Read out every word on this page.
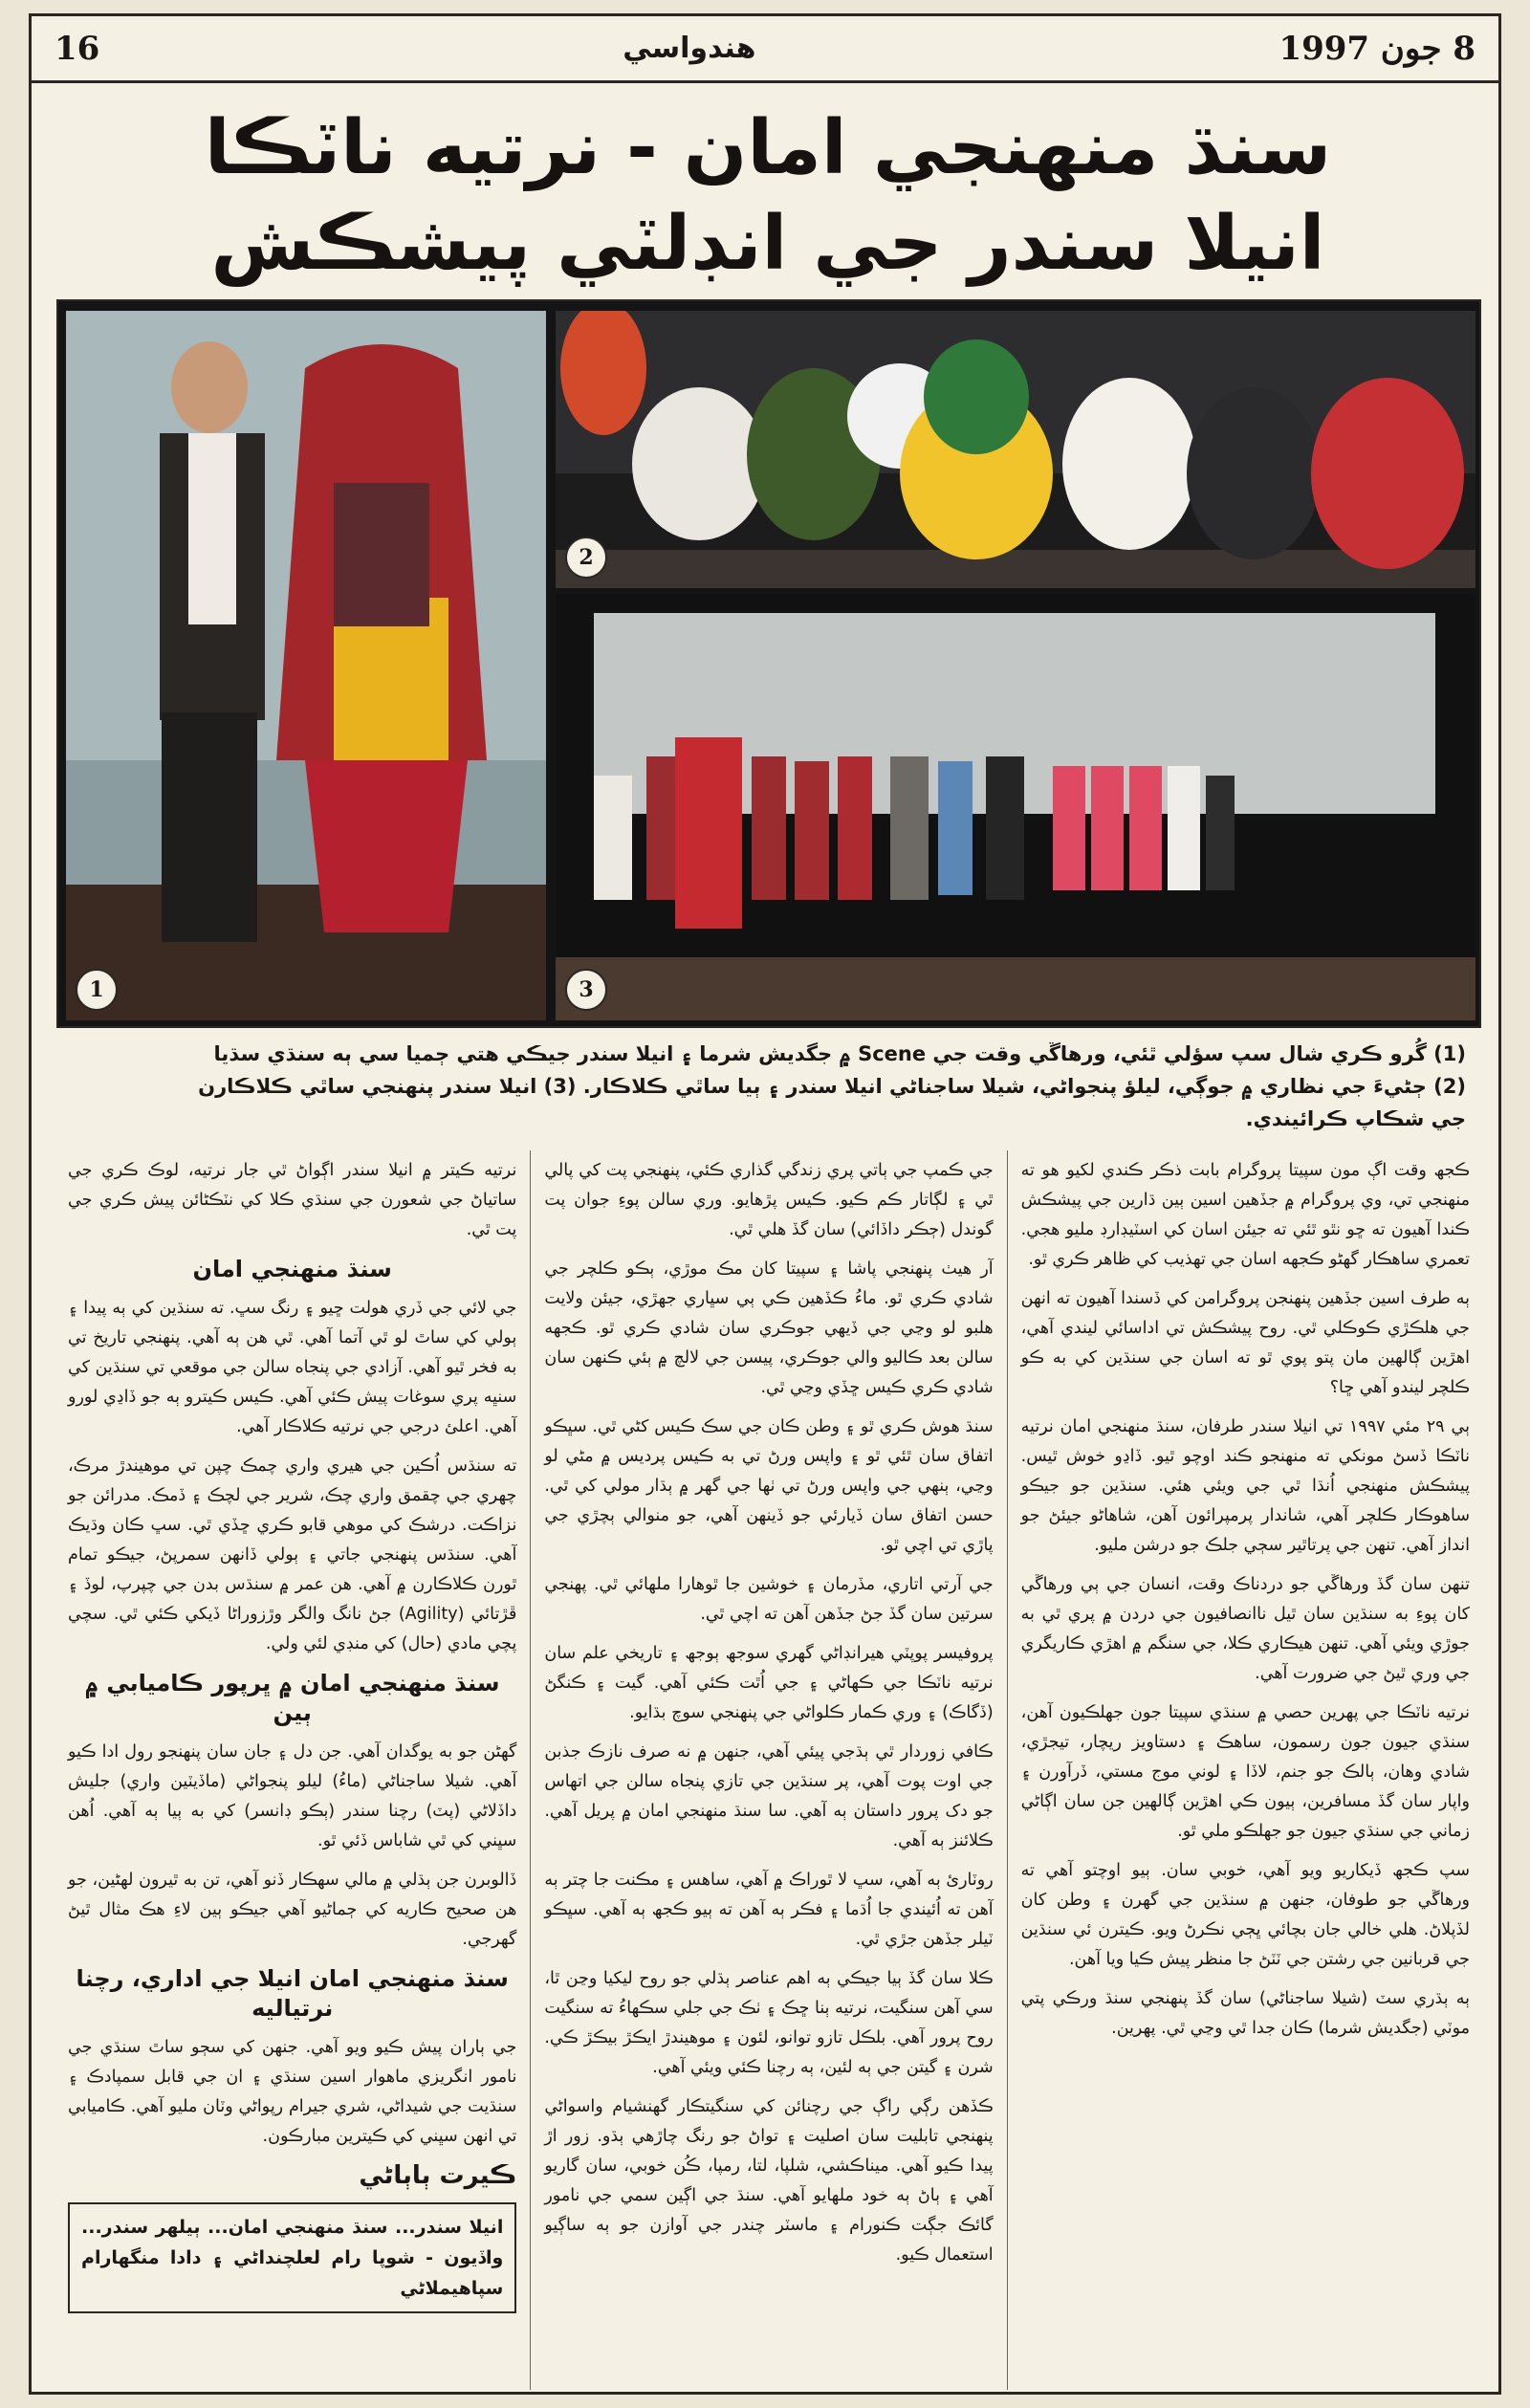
16	هندواسي	8 جون 1997
سنڌ منهنجي امان - نرتيه ناٽڪا
انيلا سندر جي انڊلٽي پيشڪش
1
2
3
(1) گُرو ڪري شال سپ سؤلي ٿئي، ورهاڱي وقت جي Scene ۾ جگديش شرما ۽ انيلا سندر جيڪي هتي ڄميا سي ٻه سنڌي سڌيا
(2) ڄڻيءَ جي نظاري ۾ جوڳي، ليلؤ پنجواڻي، شيلا ساجناڻي انيلا سندر ۽ ٻيا ساٿي ڪلاڪار. (3) انيلا سندر پنهنجي ساٿي ڪلاڪارن
جي شڪاپ ڪرائيندي.

ڪجھ وقت اڳ مون سپيتا پروگرام بابت ذڪر ڪندي لکيو هو ته منهنجي تي، وي پروگرام ۾ جڏهين اسين ٻين ڌارين جي پيشڪش ڪندا آهيون ته ڇو نٿو ٿئي ته جيئن اسان کي اسٽيڊارڊ مليو هجي. تعمري ساهڪار گهڻو ڪجهه اسان جي تهذيب کي ظاهر ڪري ٿو.

ٻه طرف اسين جڏهين پنهنجن پروگرامن کي ڏسندا آهيون ته انهن جي هلڪڙي ڪوڪلي ٿي. روح پيشڪش تي اداسائي ليندي آهي، اهڙين ڳالهين مان پتو پوي ٿو ته اسان جي سنڌين کي به ڪو ڪلچر ليندو آهي ڇا؟

ٻي ٢٩ مئي ١٩٩٧ تي انيلا سندر طرفان، سنڌ منهنجي امان نرتيه ناٽڪا ڏسڻ مونکي ته منهنجو ڪند اوچو ٿيو. ڏاڍو خوش ٿيس. پيشڪش منهنجي اُنڌا ٿي جي ويئي هئي. سنڌين جو جيڪو ساهوڪار ڪلچر آهي، شاندار پرمپرائون آهن، شاهاڻو جيئڻ جو انداز آهي. تنهن جي پرتاٿير سڄي جلڪ جو درشن مليو.

تنهن سان گڏ ورهاڱي جو دردناڪ وقت، انسان جي ٻي ورهاڱي کان پوءِ به سنڌين سان ٿيل ناانصافيون جي دردن ۾ پري ٿي به جوڙي ويئي آهي. تنهن هيڪاري ڪلا، جي سنگم ۾ اهڙي ڪاريگري جي وري ٿيڻ جي ضرورت آهي.

نرتيه ناٽڪا جي پهرين حصي ۾ سنڌي سپيتا جون جهلڪيون آهن، سنڌي جيون جون رسمون، ساهڪ ۽ دستاويز ريچار، تيجڙي، شادي وهان، ٻالڪ جو جنم، لاڏا ۽ لوني موج مستي، ڏرآورن ۽ واپار سان گڏ مسافرين، ٻيون ڪي اهڙين ڳالهين جن سان اڳاڻي زماني جي سنڌي جيون جو جهلڪو ملي ٿو.

سپ ڪجھ ڏيکاريو ويو آهي، خوبي سان. ٻيو اوچتو آهي ته ورهاڱي جو طوفان، جنهن ۾ سنڌين جي گهرن ۽ وطن کان لڏپلاڻ. هلي خالي جان بچائي ڀڄي نڪرڻ ويو. ڪيترن ئي سنڌين جي قربانين جي رشتن جي ٽٽڻ جا منظر پيش ڪيا ويا آهن.

ٻه ٻڌري سٽ (شيلا ساجناڻي) سان گڏ پنهنجي سنڌ ورڪي پتي موٽي (جگديش شرما) ڪان جدا ٿي وڃي ٿي. پهرين.

جي ڪمپ جي ٻاتي پري زندگي گذاري ڪئي، پنهنجي پت کي پالي ٿي ۽ لڳاتار ڪم ڪيو. ڪيس پڙهايو. وري سالن پوءِ جوان پت گوندل (ڄڪر داڏائي) سان گڏ هلي ٿي.

آر هيٺ پنهنجي پاشا ۽ سپيتا کان مڪ موڙي، ٻڪو ڪلچر جي شادي ڪري ٿو. ماءُ ڪڏهين ڪي ٻي سڀاري جهڙي، جيئن ولايت هلبو لو وڃي جي ڏيهي جوڪري سان شادي ڪري ٿو. ڪجهه سالن بعد ڪاليو والي جوڪري، پيسن جي لالچ ۾ ٻئي ڪنهن سان شادي ڪري ڪيس ڇڏي وڃي ٿي.

سنڌ هوش ڪري ٿو ۽ وطن ڪان جي سڪ ڪيس کڻي ٿي. سڀڪو اتفاق سان ٿئي ٿو ۽ واپس ورڻ تي به ڪيس پرديس ۾ مڻي لو وڃي، ٻنهي جي واپس ورڻ تي ٺها جي گهر ۾ ٻڌار مولي کي ٿي. حسن اتفاق سان ڏيارئي جو ڏينهن آهي، جو منوالي ٻچڙي جي پاڙي تي اچي ٿو.

جي آرتي اتاري، مڏرمان ۽ خوشين جا ٿوهارا ملهائي ٿي. پهنجي سرتين سان گڏ جڻ جڏهن آهن ته اچي ٿي.

پروفيسر پوپٽي هيرانڊاڻي گهري سوجھ ٻوجھ ۽ تاريخي علم سان نرتيه ناٽڪا جي ڪهاڻي ۽ جي اُٿت ڪئي آهي. گيت ۽ ڪنگڻ (ڏگاڪ) ۽ وري ڪمار ڪلواڻي جي پنهنجي سوچ بڌايو.

ڪافي زوردار ٿي ٻڌجي پيئي آهي، جنهن ۾ نه صرف نازڪ جذبن جي اوت پوت آهي، پر سنڌين جي تازي پنجاه سالن جي اتهاس جو دک پرور داستان ٻه آهي. سا سنڌ منهنجي امان ۾ پريل آهي. ڪلائنز ٻه آهي.

روٽارئ ٻه آهي، سڀ لا ٿوراڪ ۾ آهي، ساهس ۽ مڪنت جا چتر ٻه آهن ته اُئيندي جا اُڌما ۽ فڪر ٻه آهن ته ٻيو ڪجھ ٻه آهي. سڀڪو ٽيلر جڏهن جڙي ٿي.

ڪلا سان گڏ ٻيا جيڪي ٻه اهم عناصر ٻڌلي جو روح ليکيا وڃن ٿا، سي آهن سنگيت، نرتيه ٻنا ڇڪ ۽ ٺڪ جي جلي سڪهاءُ ته سنگيت روح پرور آهي. بلڪل تازو توانو، لئون ۽ موهيندڙ ايڪڙ بيڪڙ ڪي. شرن ۽ گيتن جي ٻه لئين، ٻه رچنا ڪئي ويئي آهي.

ڪڏهن رڳي راڳ جي رچنائن کي سنگيتڪار گهنشيام واسواڻي پنهنجي تابليت سان اصليت ۽ تواڻ جو رنگ چاڙهي ٻڌو. زور اڙ پيدا ڪيو آهي. ميناڪشي، شلپا، لتا، رمپا، ڪُن خوبي، سان گاريو آهي ۽ ٻاڻ ٻه خود ملهايو آهي. سنڌ جي اڳين سمي جي نامور گائڪ جڳت ڪنورام ۽ ماسٽر چندر جي آوازن جو ٻه ساڳيو استعمال ڪيو.

نرتيه ڪيتر ۾ انيلا سندر اڳواڻ ٿي جار نرتيه، لوڪ ڪري جي ساتياڻ جي شعورن جي سنڌي ڪلا کي نٽڪڻائن پيش ڪري جي پت ٿي.

سنڌ منهنجي امان

جي لائي جي ڏري هولت ڇيو ۽ رنگ سڀ. ته سنڌين کي ٻه پيدا ۽ ٻولي کي ساٿ لو ٿي آتما آهي. ٿي هن ٻه آهي. پنهنجي تاريخ تي به فخر ٿيو آهي. آزادي جي پنجاه سالن جي موقعي تي سنڌين کي سنڀه پري سوغات پيش ڪئي آهي. ڪيس ڪيترو ٻه جو ڏاڍي لورو آهي. اعلئ درجي جي نرتيه ڪلاڪار آهي.

ته سنڌس اُڪين جي هيري واري چمڪ چپن تي موهيندڙ مرڪ، چهري جي چقمق واري چڪ، شرير جي لچڪ ۽ ڏمڪ. مدرائن جو نزاڪت. درشڪ کي موهي قابو ڪري ڇڏي ٿي. سڀ ڪان وڌيڪ آهي. سنڌس پنهنجي جاتي ۽ ٻولي ڏانهن سمرپڻ، جيڪو تمام ٿورن ڪلاڪارن ۾ آهي. هن عمر ۾ سنڌس بدن جي چپرپ، لوڏ ۽ ڦڙتائي (Agility) جڻ نانگ والگر وڙزوراڻا ڏيکي ڪئي ٿي. سچي پچي مادي (حال) کي منڊي لئي ولي.

سنڌ منهنجي امان ۾ ڀرپور ڪاميابي ۾ ٻين

گهڻن جو به يوگدان آهي. جن دل ۽ جان سان پنهنجو رول ادا ڪيو آهي. شيلا ساجناڻي (ماءُ) ليلو پنجواڻي (ماڏيٽين واري) جليش داڏلاڻي (پٽ) رچنا سندر (ٻڪو ڊانسر) کي به ٻيا ٻه آهي. اُهن سڀني کي ٿي شاباس ڏئي ٿو.

ڏالوبرن جن ٻڌلي ۾ مالي سهڪار ڏنو آهي، تن به ٿيرون لهڻين، جو هن صحيح ڪاريه کي ڄماڻيو آهي جيڪو ٻين لاءِ هڪ مثال ٿيڻ گهرجي.

سنڌ منهنجي امان انيلا جي اداري، رچنا نرتياليه

جي ٻاران پيش ڪيو ويو آهي. جنهن کي سڄو ساٿ سنڌي جي نامور انگريزي ماهوار اسين سنڌي ۽ ان جي قابل سمپادڪ ۽ سنڌيت جي شيداڻي، شري جيرام رپواڻي وٽان مليو آهي. ڪاميابي تي انهن سڀني کي ڪيترين مبارڪون.

ڪيرت ٻاٻاڻي
انيلا سندر... سنڌ منهنجي امان... ٻيلهر سندر... واڏيون - شوپا رام لعلچنداڻي ۽ دادا منگهارام سپاهيملاڻي
